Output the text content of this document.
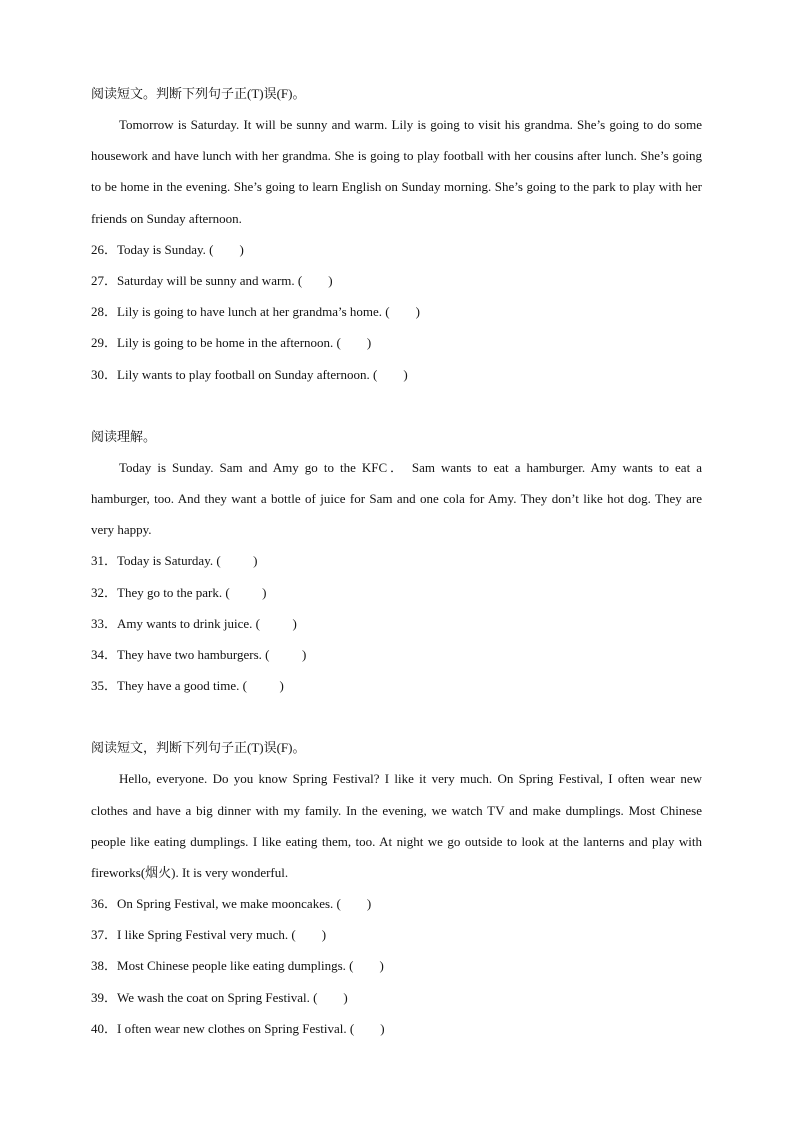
阅读短文。判断下列句子正(T)误(F)。

Tomorrow is Saturday. It will be sunny and warm. Lily is going to visit his grandma. She’s going to do some housework and have lunch with her grandma. She is going to play football with her cousins after lunch. She’s going to be home in the evening. She’s going to learn English on Sunday morning. She’s going to the park to play with her friends on Sunday afternoon.

26．Today is Sunday. (        )
27．Saturday will be sunny and warm. (        )
28．Lily is going to have lunch at her grandma’s home. (        )
29．Lily is going to be home in the afternoon. (        )
30．Lily wants to play football on Sunday afternoon. (        )
阅读理解。

Today is Sunday. Sam and Amy go to the KFC． Sam wants to eat a hamburger. Amy wants to eat a hamburger, too. And they want a bottle of juice for Sam and one cola for Amy. They don’t like hot dog. They are very happy.

31．Today is Saturday. (          )
32．They go to the park. (          )
33．Amy wants to drink juice. (          )
34．They have two hamburgers. (          )
35．They have a good time. (          )
阅读短文，判断下列句子正(T)误(F)。

Hello, everyone. Do you know Spring Festival? I like it very much. On Spring Festival, I often wear new clothes and have a big dinner with my family. In the evening, we watch TV and make dumplings. Most Chinese people like eating dumplings. I like eating them, too. At night we go outside to look at the lanterns and play with fireworks(烟火). It is very wonderful.

36．On Spring Festival, we make mooncakes. (        )
37．I like Spring Festival very much. (        )
38．Most Chinese people like eating dumplings. (        )
39．We wash the coat on Spring Festival. (        )
40．I often wear new clothes on Spring Festival. (        )
